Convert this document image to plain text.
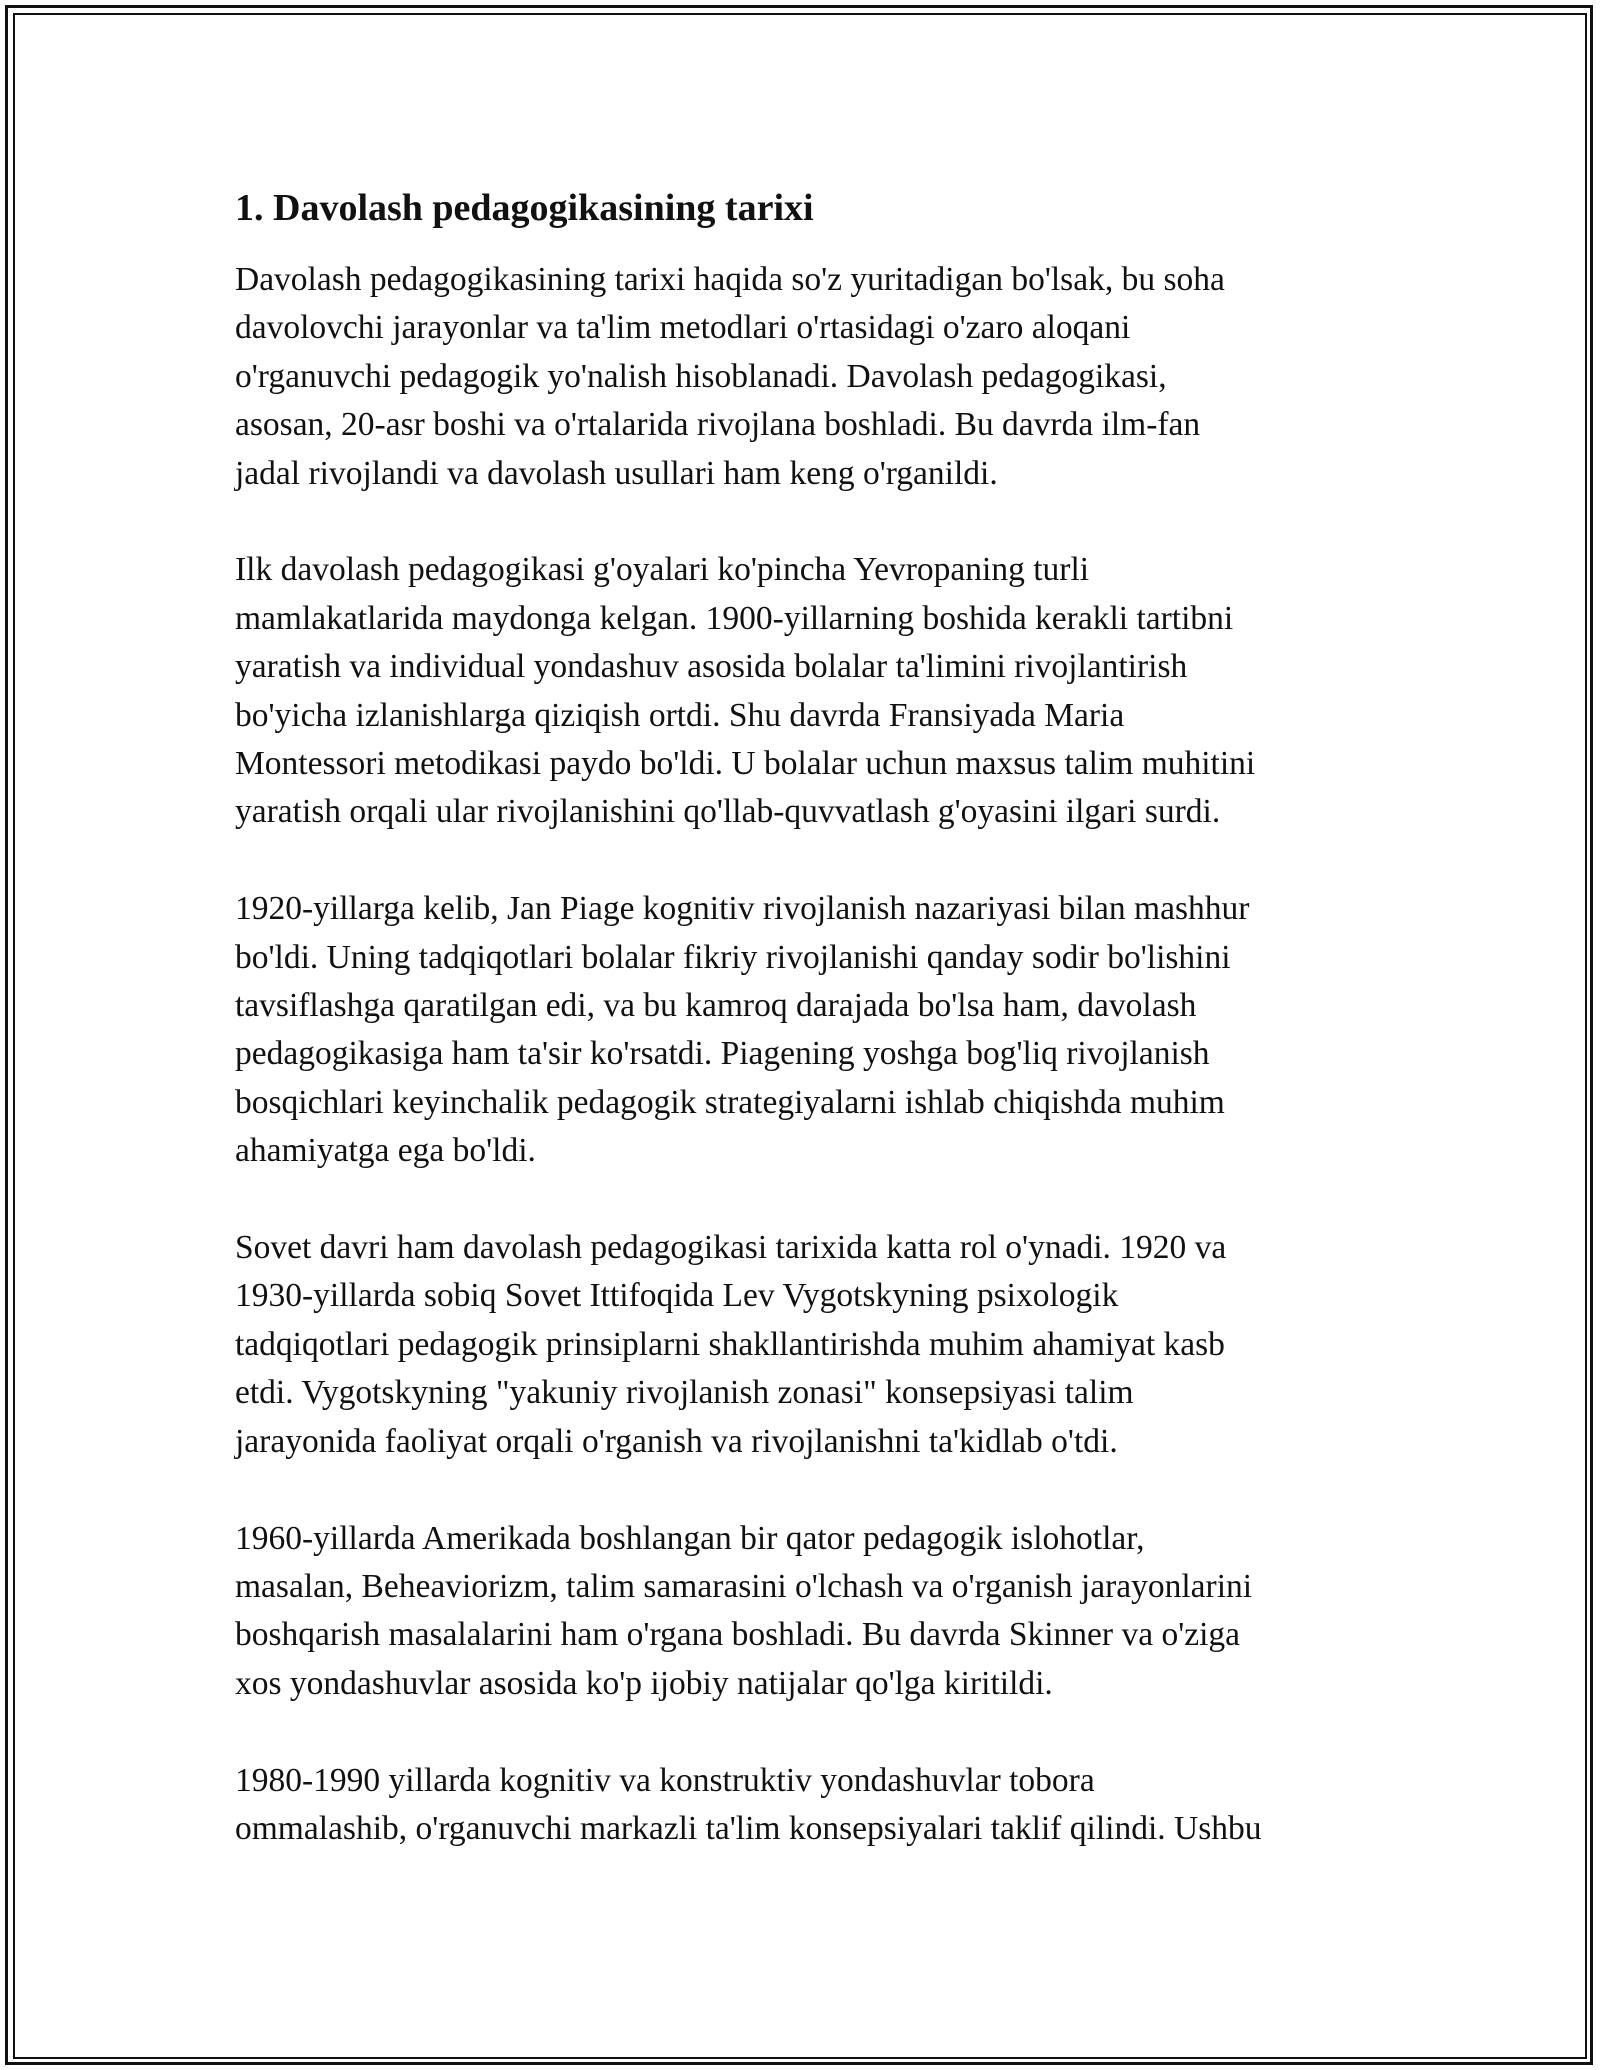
1. Davolash pedagogikasining tarixi

Davolash pedagogikasining tarixi haqida so'z yuritadigan bo'lsak, bu soha
davolovchi jarayonlar va ta'lim metodlari o'rtasidagi o'zaro aloqani
o'rganuvchi pedagogik yo'nalish hisoblanadi. Davolash pedagogikasi,
asosan, 20-asr boshi va o'rtalarida rivojlana boshladi. Bu davrda ilm-fan
jadal rivojlandi va davolash usullari ham keng o'rganildi.

Ilk davolash pedagogikasi g'oyalari ko'pincha Yevropaning turli
mamlakatlarida maydonga kelgan. 1900-yillarning boshida kerakli tartibni
yaratish va individual yondashuv asosida bolalar ta'limini rivojlantirish
bo'yicha izlanishlarga qiziqish ortdi. Shu davrda Fransiyada Maria
Montessori metodikasi paydo bo'ldi. U bolalar uchun maxsus talim muhitini
yaratish orqali ular rivojlanishini qo'llab-quvvatlash g'oyasini ilgari surdi.

1920-yillarga kelib, Jan Piage kognitiv rivojlanish nazariyasi bilan mashhur
bo'ldi. Uning tadqiqotlari bolalar fikriy rivojlanishi qanday sodir bo'lishini
tavsiflashga qaratilgan edi, va bu kamroq darajada bo'lsa ham, davolash
pedagogikasiga ham ta'sir ko'rsatdi. Piagening yoshga bog'liq rivojlanish
bosqichlari keyinchalik pedagogik strategiyalarni ishlab chiqishda muhim
ahamiyatga ega bo'ldi.

Sovet davri ham davolash pedagogikasi tarixida katta rol o'ynadi. 1920 va
1930-yillarda sobiq Sovet Ittifoqida Lev Vygotskyning psixologik
tadqiqotlari pedagogik prinsiplarni shakllantirishda muhim ahamiyat kasb
etdi. Vygotskyning "yakuniy rivojlanish zonasi" konsepsiyasi talim
jarayonida faoliyat orqali o'rganish va rivojlanishni ta'kidlab o'tdi.

1960-yillarda Amerikada boshlangan bir qator pedagogik islohotlar,
masalan, Beheaviorizm, talim samarasini o'lchash va o'rganish jarayonlarini
boshqarish masalalarini ham o'rgana boshladi. Bu davrda Skinner va o'ziga
xos yondashuvlar asosida ko'p ijobiy natijalar qo'lga kiritildi.

1980-1990 yillarda kognitiv va konstruktiv yondashuvlar tobora
ommalashib, o'rganuvchi markazli ta'lim konsepsiyalari taklif qilindi. Ushbu
